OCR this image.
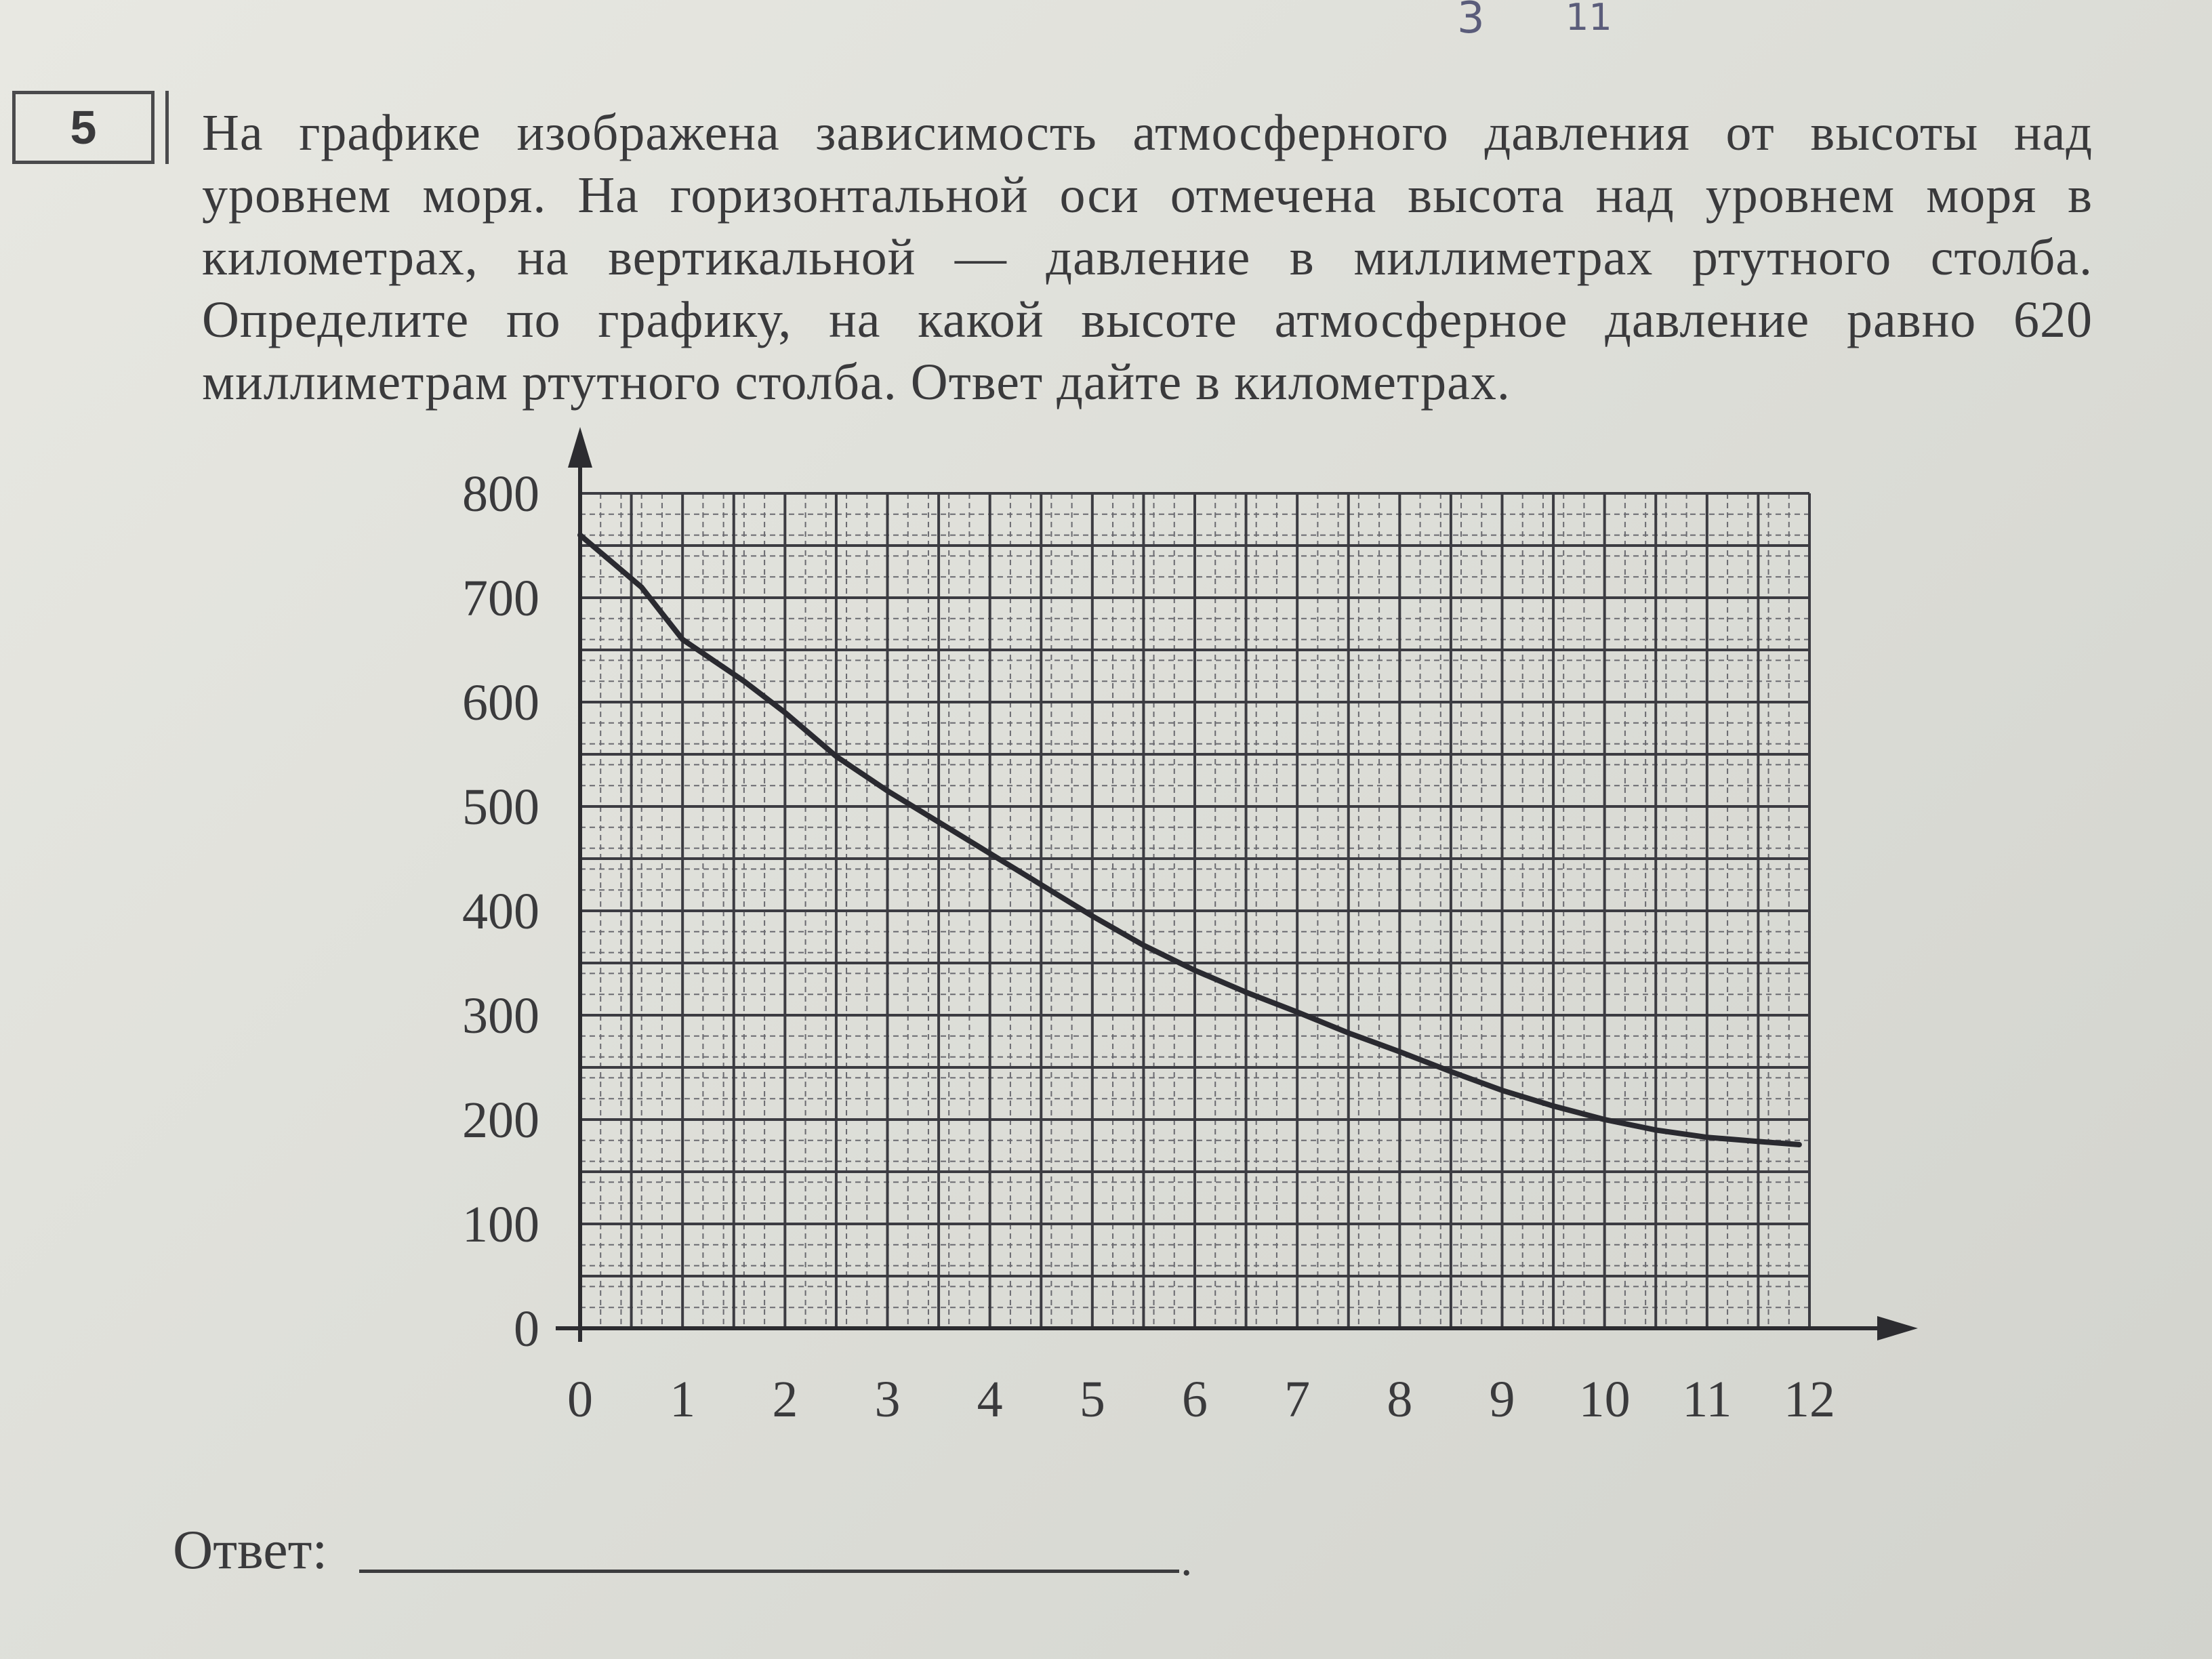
5	На графике изображена зависимость атмосферного давления от высоты над уровнем моря. На горизонтальной оси отмечена высота над уровнем моря в километрах, на вертикальной — давление в миллиметрах ртутного столба. Определите по графику, на какой высоте атмосферное давление равно 620 миллиметрам ртутного столба. Ответ дайте в километрах.
3 11
0 1 2 3 4 5 6 7 8 9 10 11 12
0
100
200
300
400
500
600
700
800
Ответ:	.
